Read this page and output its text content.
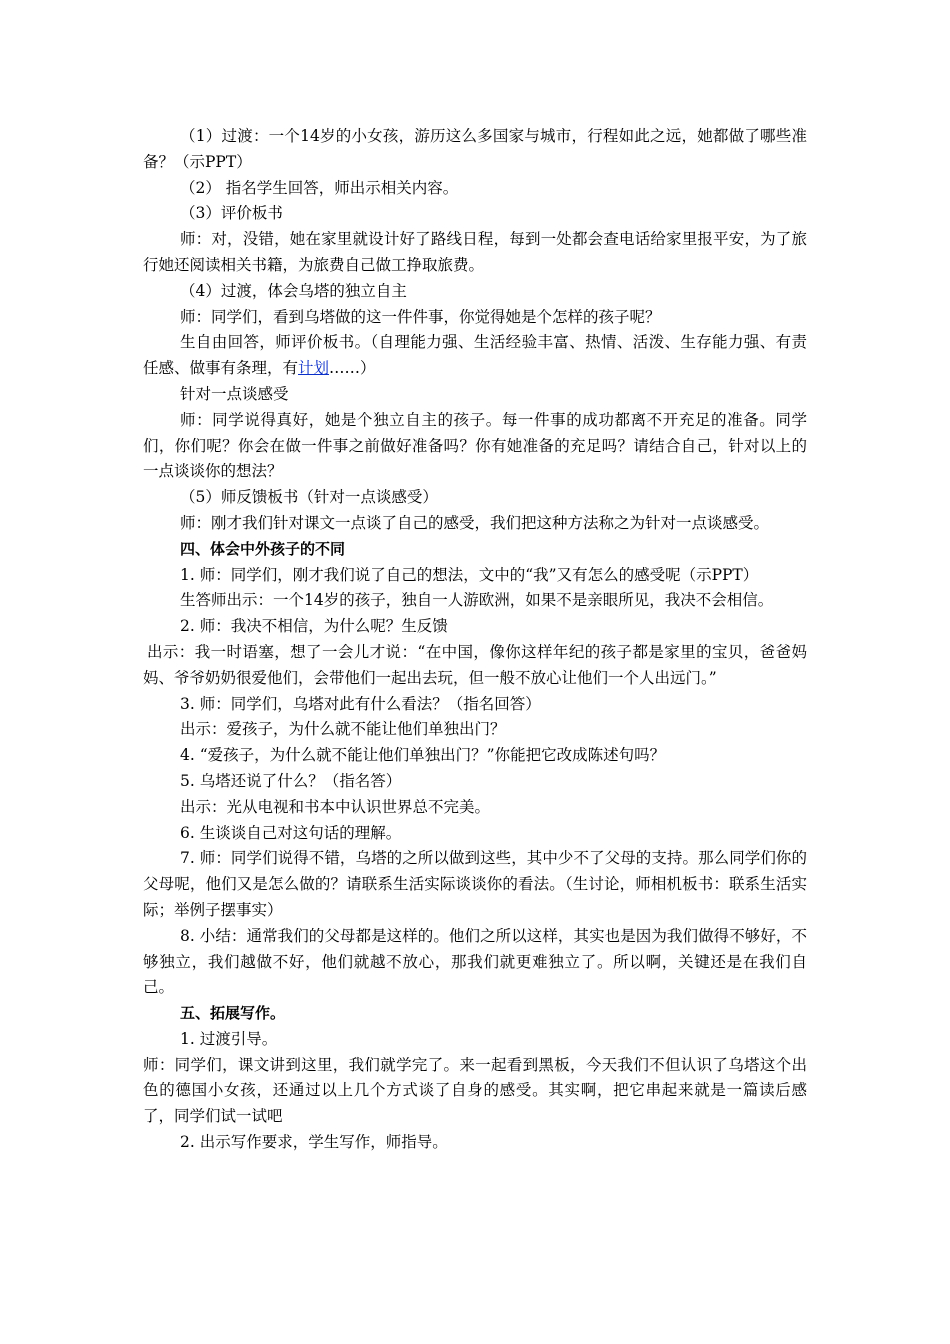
（1）过渡：一个14岁的小女孩，游历这么多国家与城市，行程如此之远，她都做了哪些准备？（示PPT）

（2） 指名学生回答，师出示相关内容。

（3）评价板书

师：对，没错，她在家里就设计好了路线日程，每到一处都会查电话给家里报平安，为了旅行她还阅读相关书籍，为旅费自己做工挣取旅费。

（4）过渡，体会乌塔的独立自主

师：同学们，看到乌塔做的这一件件事，你觉得她是个怎样的孩子呢？

生自由回答，师评价板书。（自理能力强、生活经验丰富、热情、活泼、生存能力强、有责任感、做事有条理，有计划……）

针对一点谈感受

师：同学说得真好，她是个独立自主的孩子。每一件事的成功都离不开充足的准备。同学们，你们呢？你会在做一件事之前做好准备吗？你有她准备的充足吗？请结合自己，针对以上的一点谈谈你的想法？

（5）师反馈板书（针对一点谈感受）

师：刚才我们针对课文一点谈了自己的感受，我们把这种方法称之为针对一点谈感受。

四、体会中外孩子的不同

1. 师：同学们，刚才我们说了自己的想法，文中的“我”又有怎么的感受呢（示PPT）

生答师出示：一个14岁的孩子，独自一人游欧洲，如果不是亲眼所见，我决不会相信。

2. 师：我决不相信，为什么呢？生反馈

出示：我一时语塞，想了一会儿才说：“在中国，像你这样年纪的孩子都是家里的宝贝，爸爸妈妈、爷爷奶奶很爱他们，会带他们一起出去玩，但一般不放心让他们一个人出远门。”

3. 师：同学们，乌塔对此有什么看法？（指名回答）

出示：爱孩子，为什么就不能让他们单独出门？

4. “爱孩子，为什么就不能让他们单独出门？”你能把它改成陈述句吗？

5. 乌塔还说了什么？（指名答）

出示：光从电视和书本中认识世界总不完美。

6. 生谈谈自己对这句话的理解。

7. 师：同学们说得不错，乌塔的之所以做到这些，其中少不了父母的支持。那么同学们你的父母呢，他们又是怎么做的？请联系生活实际谈谈你的看法。（生讨论，师相机板书：联系生活实际；举例子摆事实）

8. 小结：通常我们的父母都是这样的。他们之所以这样，其实也是因为我们做得不够好，不够独立，我们越做不好，他们就越不放心，那我们就更难独立了。所以啊，关键还是在我们自己。

五、拓展写作。

1. 过渡引导。

师：同学们，课文讲到这里，我们就学完了。来一起看到黑板，今天我们不但认识了乌塔这个出色的德国小女孩，还通过以上几个方式谈了自身的感受。其实啊，把它串起来就是一篇读后感了，同学们试一试吧

2. 出示写作要求，学生写作，师指导。
